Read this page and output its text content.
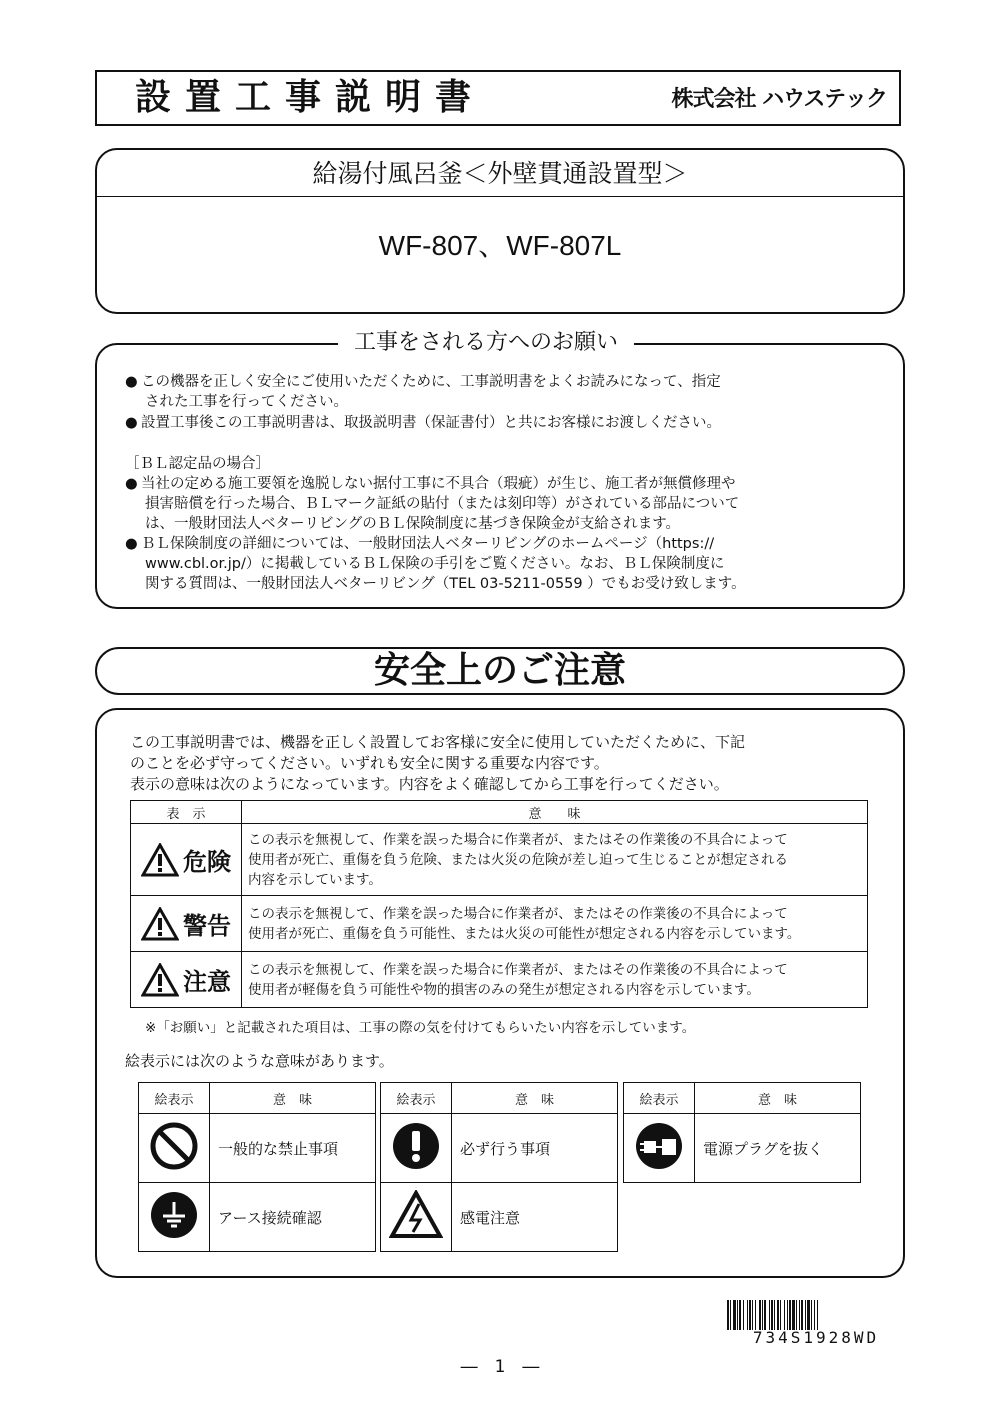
設置工事説明書	株式会社 ハウステック
給湯付風呂釜＜外壁貫通設置型＞
WF-807、WF-807L
工事をされる方へのお願い
● この機器を正しく安全にご使用いただくために、工事説明書をよくお読みになって、指定
された工事を行ってください。
● 設置工事後この工事説明書は、取扱説明書（保証書付）と共にお客様にお渡しください。
［ＢＬ認定品の場合］
● 当社の定める施工要領を逸脱しない据付工事に不具合（瑕疵）が生じ、施工者が無償修理や
損害賠償を行った場合、ＢＬマーク証紙の貼付（または刻印等）がされている部品について
は、一般財団法人ベターリビングのＢＬ保険制度に基づき保険金が支給されます。
● ＢＬ保険制度の詳細については、一般財団法人ベターリビングのホームページ（https://
www.cbl.or.jp/）に掲載しているＢＬ保険の手引をご覧ください。なお、ＢＬ保険制度に
関する質問は、一般財団法人ベターリビング（TEL 03-5211-0559 ）でもお受け致します。
安全上のご注意
この工事説明書では、機器を正しく設置してお客様に安全に使用していただくために、下記
のことを必ず守ってください。いずれも安全に関する重要な内容です。
表示の意味は次のようになっています。内容をよく確認してから工事を行ってください。
表　示	意　　味

危険	この表示を無視して、作業を誤った場合に作業者が、またはその作業後の不具合によって
使用者が死亡、重傷を負う危険、または火災の危険が差し迫って生じることが想定される
内容を示しています。

警告	この表示を無視して、作業を誤った場合に作業者が、またはその作業後の不具合によって
使用者が死亡、重傷を負う可能性、または火災の可能性が想定される内容を示しています。

注意	この表示を無視して、作業を誤った場合に作業者が、またはその作業後の不具合によって
使用者が軽傷を負う可能性や物的損害のみの発生が想定される内容を示しています。
※「お願い」と記載された項目は、工事の際の気を付けてもらいたい内容を示しています。
絵表示には次のような意味があります。
絵表示	意　味
	一般的な禁止事項
	アース接続確認
絵表示	意　味
	必ず行う事項
	感電注意
絵表示	意　味
	電源プラグを抜く
734S1928WD
―　1　―
